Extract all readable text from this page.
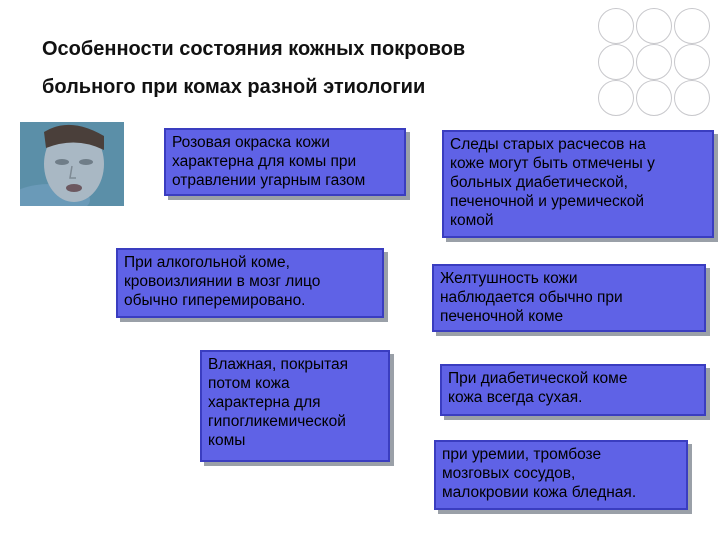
Особенности состояния кожных покровов
больного при комах разной этиологии
Розовая окраска кожи
характерна для комы при
отравлении угарным газом
При алкогольной коме,
кровоизлиянии в мозг лицо
обычно гиперемировано.
Влажная, покрытая
потом кожа
характерна для
гипогликемической
комы
Следы старых расчесов на
коже могут быть отмечены у
больных диабетической,
печеночной и уремической
комой
Желтушность кожи
наблюдается обычно при
печеночной коме
При диабетической коме
кожа всегда сухая.
при уремии, тромбозе
мозговых сосудов,
малокровии кожа бледная.
